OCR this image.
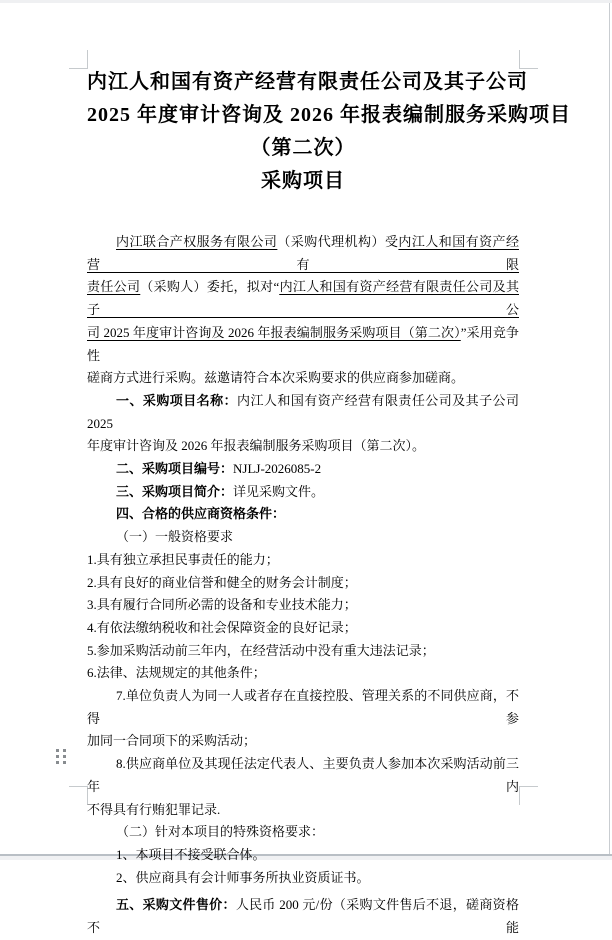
内江人和国有资产经营有限责任公司及其子公司
2025 年度审计咨询及 2026 年报表编制服务采购项目
（第二次）
采购项目
内江联合产权服务有限公司（采购代理机构）受内江人和国有资产经营有限
责任公司（采购人）委托，拟对“内江人和国有资产经营有限责任公司及其子公
司 2025 年度审计咨询及 2026 年报表编制服务采购项目（第二次）”采用竞争性
磋商方式进行采购。兹邀请符合本次采购要求的供应商参加磋商。
一、采购项目名称：内江人和国有资产经营有限责任公司及其子公司 2025
年度审计咨询及 2026 年报表编制服务采购项目（第二次）。
二、采购项目编号：NJLJ-2026085-2
三、采购项目简介：详见采购文件。
四、合格的供应商资格条件：
（一）一般资格要求
1.具有独立承担民事责任的能力；
2.具有良好的商业信誉和健全的财务会计制度；
3.具有履行合同所必需的设备和专业技术能力；
4.有依法缴纳税收和社会保障资金的良好记录；
5.参加采购活动前三年内，在经营活动中没有重大违法记录；
6.法律、法规规定的其他条件；
7.单位负责人为同一人或者存在直接控股、管理关系的不同供应商，不得参
加同一合同项下的采购活动；
8.供应商单位及其现任法定代表人、主要负责人参加本次采购活动前三年内
不得具有行贿犯罪记录.
（二）针对本项目的特殊资格要求：
1、本项目不接受联合体。
2、供应商具有会计师事务所执业资质证书。
五、采购文件售价：人民币 200 元/份（采购文件售后不退，磋商资格不能
